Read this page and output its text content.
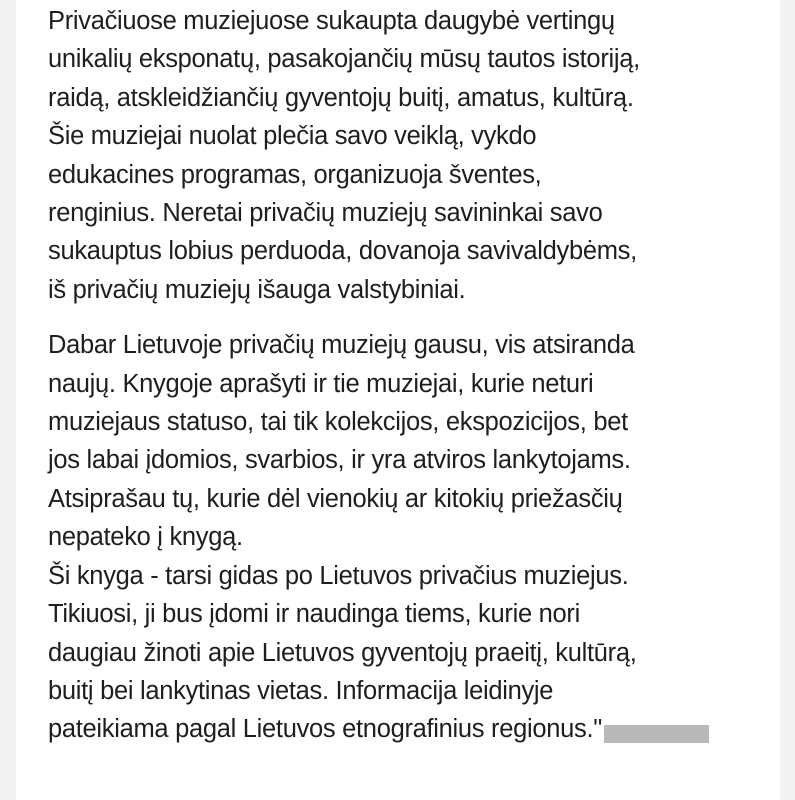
Privačiuose muziejuose sukaupta daugybė vertingų
unikalių eksponatų, pasakojančių mūsų tautos istoriją,
raidą, atskleidžiančių gyventojų buitį, amatus, kultūrą.
Šie muziejai nuolat plečia savo veiklą, vykdo
edukacines programas, organizuoja šventes,
renginius. Neretai privačių muziejų savininkai savo
sukauptus lobius perduoda, dovanoja savivaldybėms,
iš privačių muziejų išauga valstybiniai.

Dabar Lietuvoje privačių muziejų gausu, vis atsiranda
naujų. Knygoje aprašyti ir tie muziejai, kurie neturi
muziejaus statuso, tai tik kolekcijos, ekspozicijos, bet
jos labai įdomios, svarbios, ir yra atviros lankytojams.
Atsiprašau tų, kurie dėl vienokių ar kitokių priežasčių
nepateko į knygą.

Ši knyga - tarsi gidas po Lietuvos privačius muziejus.
Tikiuosi, ji bus įdomi ir naudinga tiems, kurie nori
daugiau žinoti apie Lietuvos gyventojų praeitį, kultūrą,
buitį bei lankytinas vietas. Informacija leidinyje
pateikiama pagal Lietuvos etnografinius regionus."
